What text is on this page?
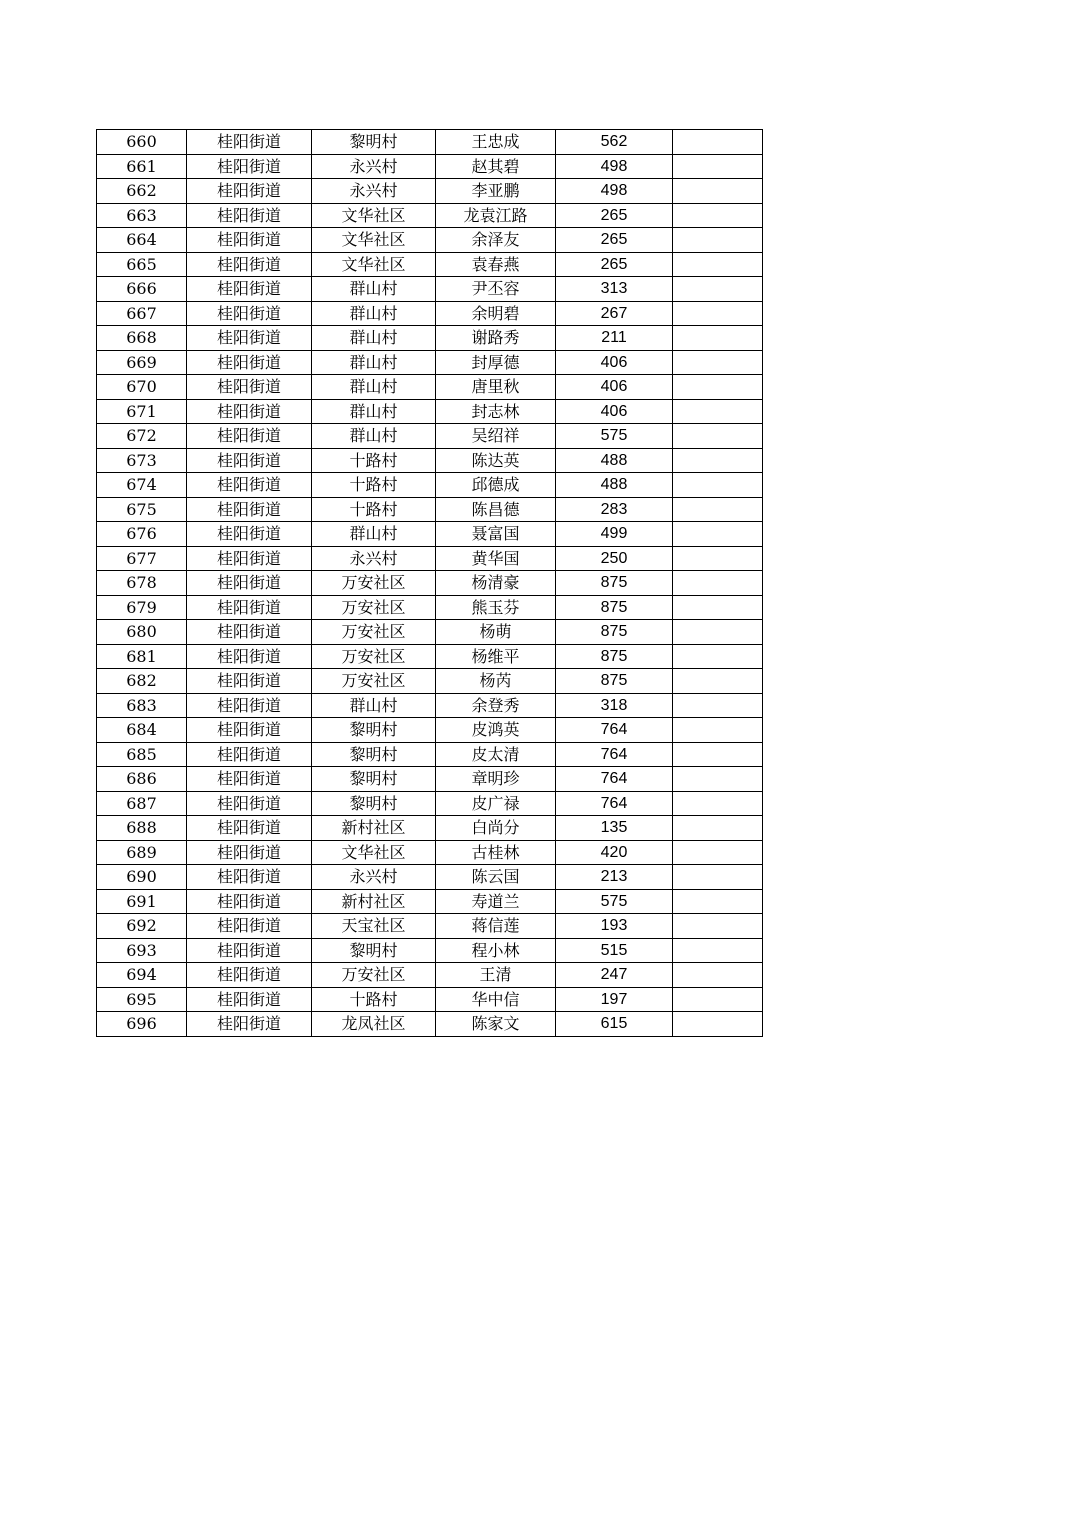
660	桂阳街道	黎明村	王忠成	562	
661	桂阳街道	永兴村	赵其碧	498	
662	桂阳街道	永兴村	李亚鹏	498	
663	桂阳街道	文华社区	龙袁江路	265	
664	桂阳街道	文华社区	余泽友	265	
665	桂阳街道	文华社区	袁春燕	265	
666	桂阳街道	群山村	尹丕容	313	
667	桂阳街道	群山村	余明碧	267	
668	桂阳街道	群山村	谢路秀	211	
669	桂阳街道	群山村	封厚德	406	
670	桂阳街道	群山村	唐里秋	406	
671	桂阳街道	群山村	封志林	406	
672	桂阳街道	群山村	吴绍祥	575	
673	桂阳街道	十路村	陈达英	488	
674	桂阳街道	十路村	邱德成	488	
675	桂阳街道	十路村	陈昌德	283	
676	桂阳街道	群山村	聂富国	499	
677	桂阳街道	永兴村	黄华国	250	
678	桂阳街道	万安社区	杨清豪	875	
679	桂阳街道	万安社区	熊玉芬	875	
680	桂阳街道	万安社区	杨萌	875	
681	桂阳街道	万安社区	杨维平	875	
682	桂阳街道	万安社区	杨芮	875	
683	桂阳街道	群山村	余登秀	318	
684	桂阳街道	黎明村	皮鸿英	764	
685	桂阳街道	黎明村	皮太清	764	
686	桂阳街道	黎明村	章明珍	764	
687	桂阳街道	黎明村	皮广禄	764	
688	桂阳街道	新村社区	白尚分	135	
689	桂阳街道	文华社区	古桂林	420	
690	桂阳街道	永兴村	陈云国	213	
691	桂阳街道	新村社区	寿道兰	575	
692	桂阳街道	天宝社区	蒋信莲	193	
693	桂阳街道	黎明村	程小林	515	
694	桂阳街道	万安社区	王清	247	
695	桂阳街道	十路村	华中信	197	
696	桂阳街道	龙凤社区	陈家文	615	
